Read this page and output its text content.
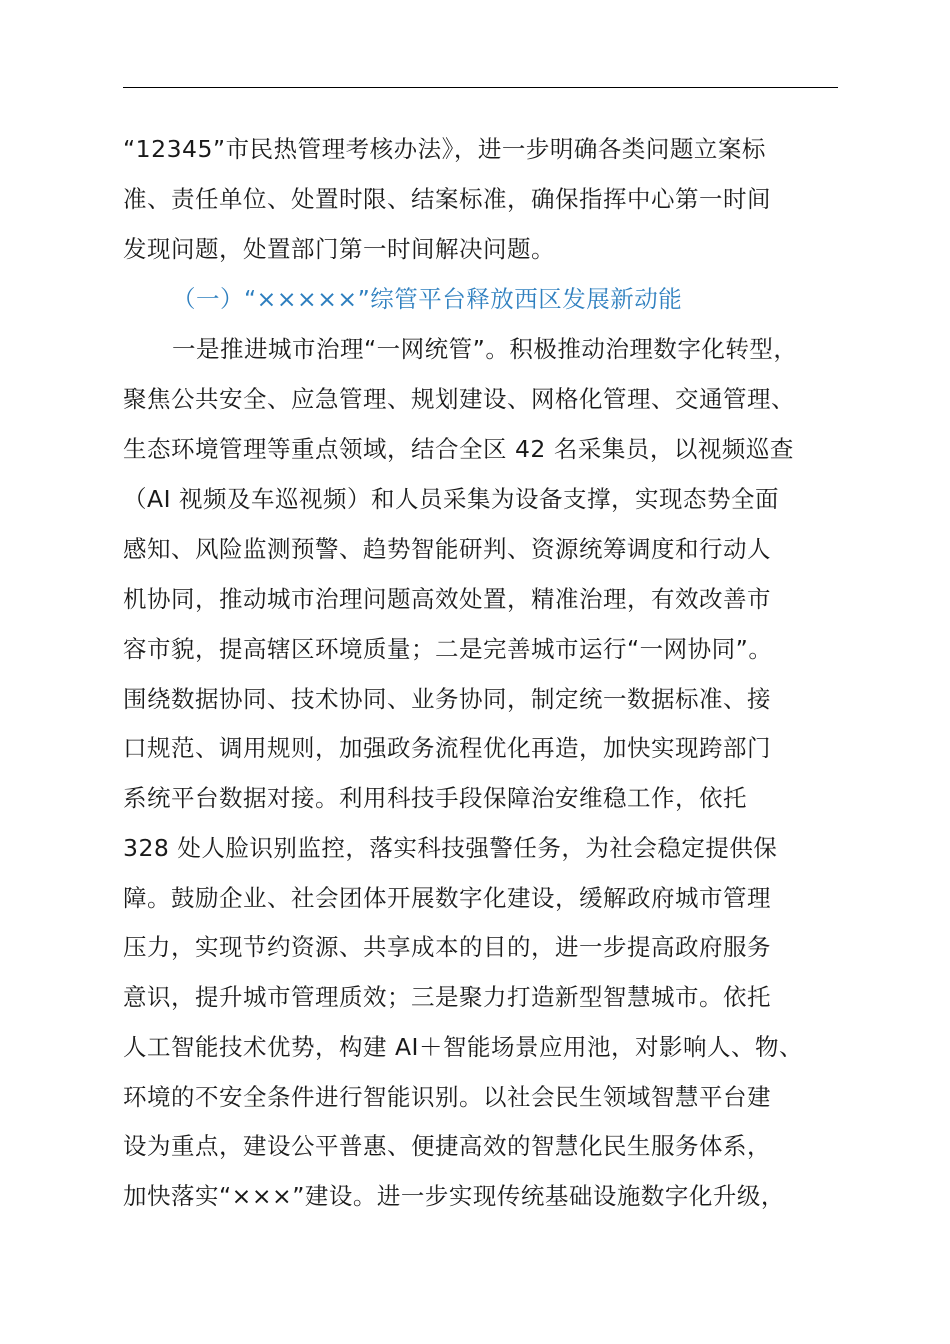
“12345”市民热管理考核办法》，进一步明确各类问题立案标
准、责任单位、处置时限、结案标准，确保指挥中心第一时间
发现问题，处置部门第一时间解决问题。
（一）“×××××”综管平台释放西区发展新动能
一是推进城市治理“一网统管”。积极推动治理数字化转型，
聚焦公共安全、应急管理、规划建设、网格化管理、交通管理、
生态环境管理等重点领域，结合全区 42 名采集员，以视频巡查
（AI 视频及车巡视频）和人员采集为设备支撑，实现态势全面
感知、风险监测预警、趋势智能研判、资源统筹调度和行动人
机协同，推动城市治理问题高效处置，精准治理，有效改善市
容市貌，提高辖区环境质量；二是完善城市运行“一网协同”。
围绕数据协同、技术协同、业务协同，制定统一数据标准、接
口规范、调用规则，加强政务流程优化再造，加快实现跨部门
系统平台数据对接。利用科技手段保障治安维稳工作，依托
328 处人脸识别监控，落实科技强警任务，为社会稳定提供保
障。鼓励企业、社会团体开展数字化建设，缓解政府城市管理
压力，实现节约资源、共享成本的目的，进一步提高政府服务
意识，提升城市管理质效；三是聚力打造新型智慧城市。依托
人工智能技术优势，构建 AI＋智能场景应用池，对影响人、物、
环境的不安全条件进行智能识别。以社会民生领域智慧平台建
设为重点，建设公平普惠、便捷高效的智慧化民生服务体系，
加快落实“×××”建设。进一步实现传统基础设施数字化升级，
